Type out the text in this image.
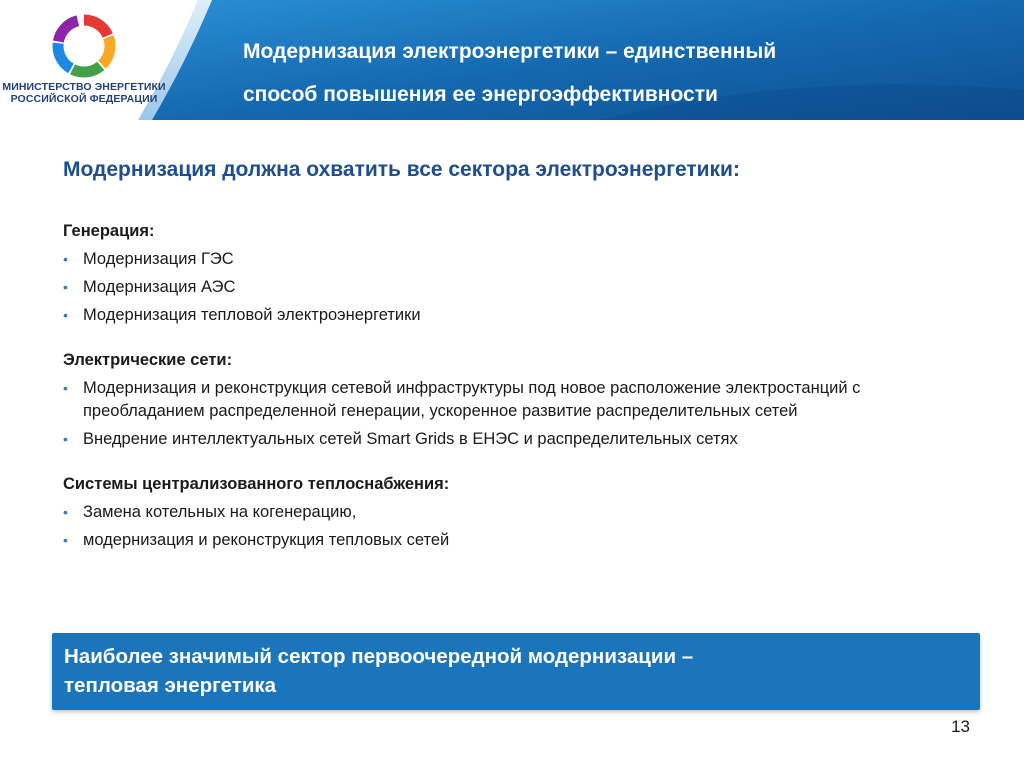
МИНИСТЕРСТВО ЭНЕРГЕТИКИ
РОССИЙСКОЙ ФЕДЕРАЦИИ
Модернизация электроэнергетики – единственный
способ повышения ее энергоэффективности
Модернизация должна охватить все сектора электроэнергетики:
Генерация:
• Модернизация ГЭС
• Модернизация АЭС
• Модернизация тепловой электроэнергетики
Электрические сети:
• Модернизация и реконструкция сетевой инфраструктуры под новое расположение электростанций с преобладанием распределенной генерации, ускоренное развитие распределительных сетей
• Внедрение интеллектуальных сетей Smart Grids в ЕНЭС и распределительных сетях
Системы централизованного теплоснабжения:
• Замена котельных на когенерацию,
• модернизация и реконструкция тепловых сетей
Наиболее значимый сектор первоочередной модернизации –
тепловая энергетика
13
